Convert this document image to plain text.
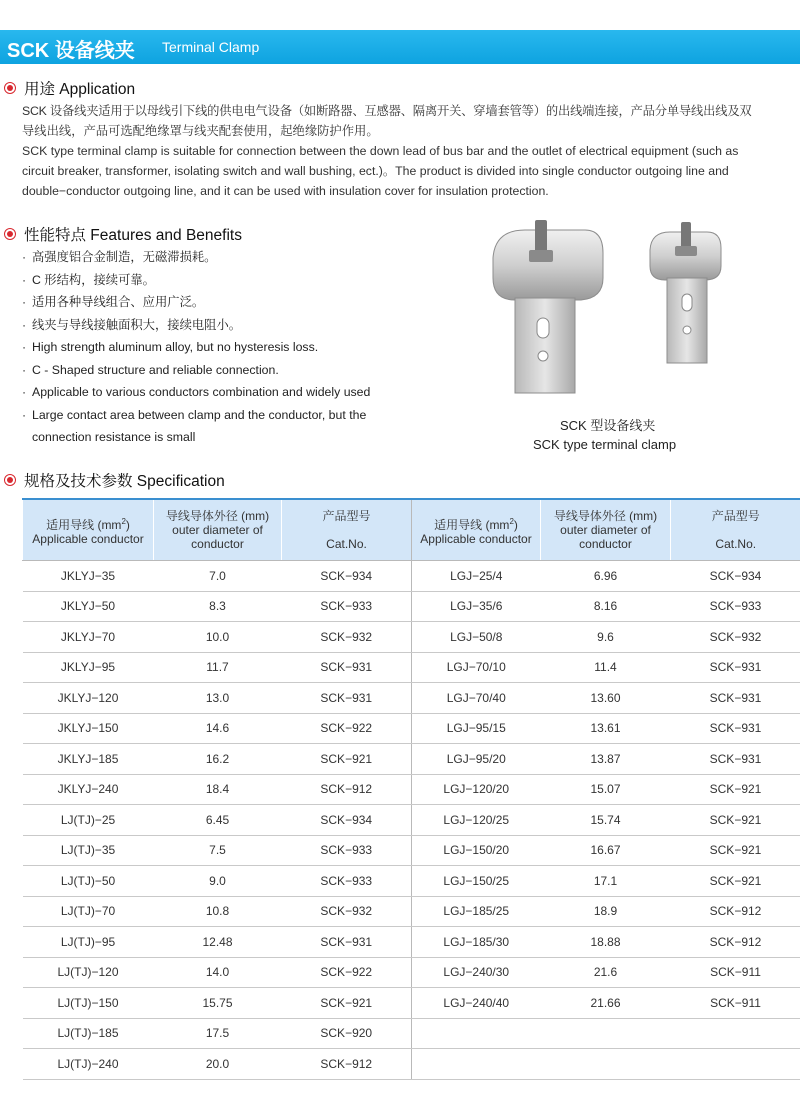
SCK 设备线夹 Terminal Clamp
用途 Application
SCK 设备线夹适用于以母线引下线的供电电气设备（如断路器、互感器、隔离开关、穿墙套管等）的出线端连接，产品分单导线出线及双
导线出线，产品可选配绝缘罩与线夹配套使用，起绝缘防护作用。
SCK type terminal clamp is suitable for connection between the down lead of bus bar and the outlet of electrical equipment (such as
circuit breaker, transformer, isolating switch and wall bushing, ect.)。The product is divided into single conductor outgoing line and
double−conductor outgoing line, and it can be used with insulation cover for insulation protection.
性能特点 Features and Benefits
· 高强度铝合金制造，无磁滞损耗。
· C 形结构，接续可靠。
· 适用各种导线组合、应用广泛。
· 线夹与导线接触面积大，接续电阻小。
· High strength aluminum alloy, but no hysteresis loss.
· C - Shaped structure and reliable connection.
· Applicable to various conductors combination and widely used
· Large contact area between clamp and the conductor, but the
connection resistance is small
SCK 型设备线夹
SCK type terminal clamp
规格及技术参数 Specification
适用导线 $(mm^2)$
Applicable conductor	导线导体外径 (mm)
outer diameter of
conductor	产品型号

Cat.No.	适用导线 $(mm^2)$
Applicable conductor	导线导体外径 (mm)
outer diameter of
conductor	产品型号

Cat.No.
JKLYJ−35	7.0	SCK−934	LGJ−25/4	6.96	SCK−934
JKLYJ−50	8.3	SCK−933	LGJ−35/6	8.16	SCK−933
JKLYJ−70	10.0	SCK−932	LGJ−50/8	9.6	SCK−932
JKLYJ−95	11.7	SCK−931	LGJ−70/10	11.4	SCK−931
JKLYJ−120	13.0	SCK−931	LGJ−70/40	13.60	SCK−931
JKLYJ−150	14.6	SCK−922	LGJ−95/15	13.61	SCK−931
JKLYJ−185	16.2	SCK−921	LGJ−95/20	13.87	SCK−931
JKLYJ−240	18.4	SCK−912	LGJ−120/20	15.07	SCK−921
LJ(TJ)−25	6.45	SCK−934	LGJ−120/25	15.74	SCK−921
LJ(TJ)−35	7.5	SCK−933	LGJ−150/20	16.67	SCK−921
LJ(TJ)−50	9.0	SCK−933	LGJ−150/25	17.1	SCK−921
LJ(TJ)−70	10.8	SCK−932	LGJ−185/25	18.9	SCK−912
LJ(TJ)−95	12.48	SCK−931	LGJ−185/30	18.88	SCK−912
LJ(TJ)−120	14.0	SCK−922	LGJ−240/30	21.6	SCK−911
LJ(TJ)−150	15.75	SCK−921	LGJ−240/40	21.66	SCK−911
LJ(TJ)−185	17.5	SCK−920			
LJ(TJ)−240	20.0	SCK−912			
